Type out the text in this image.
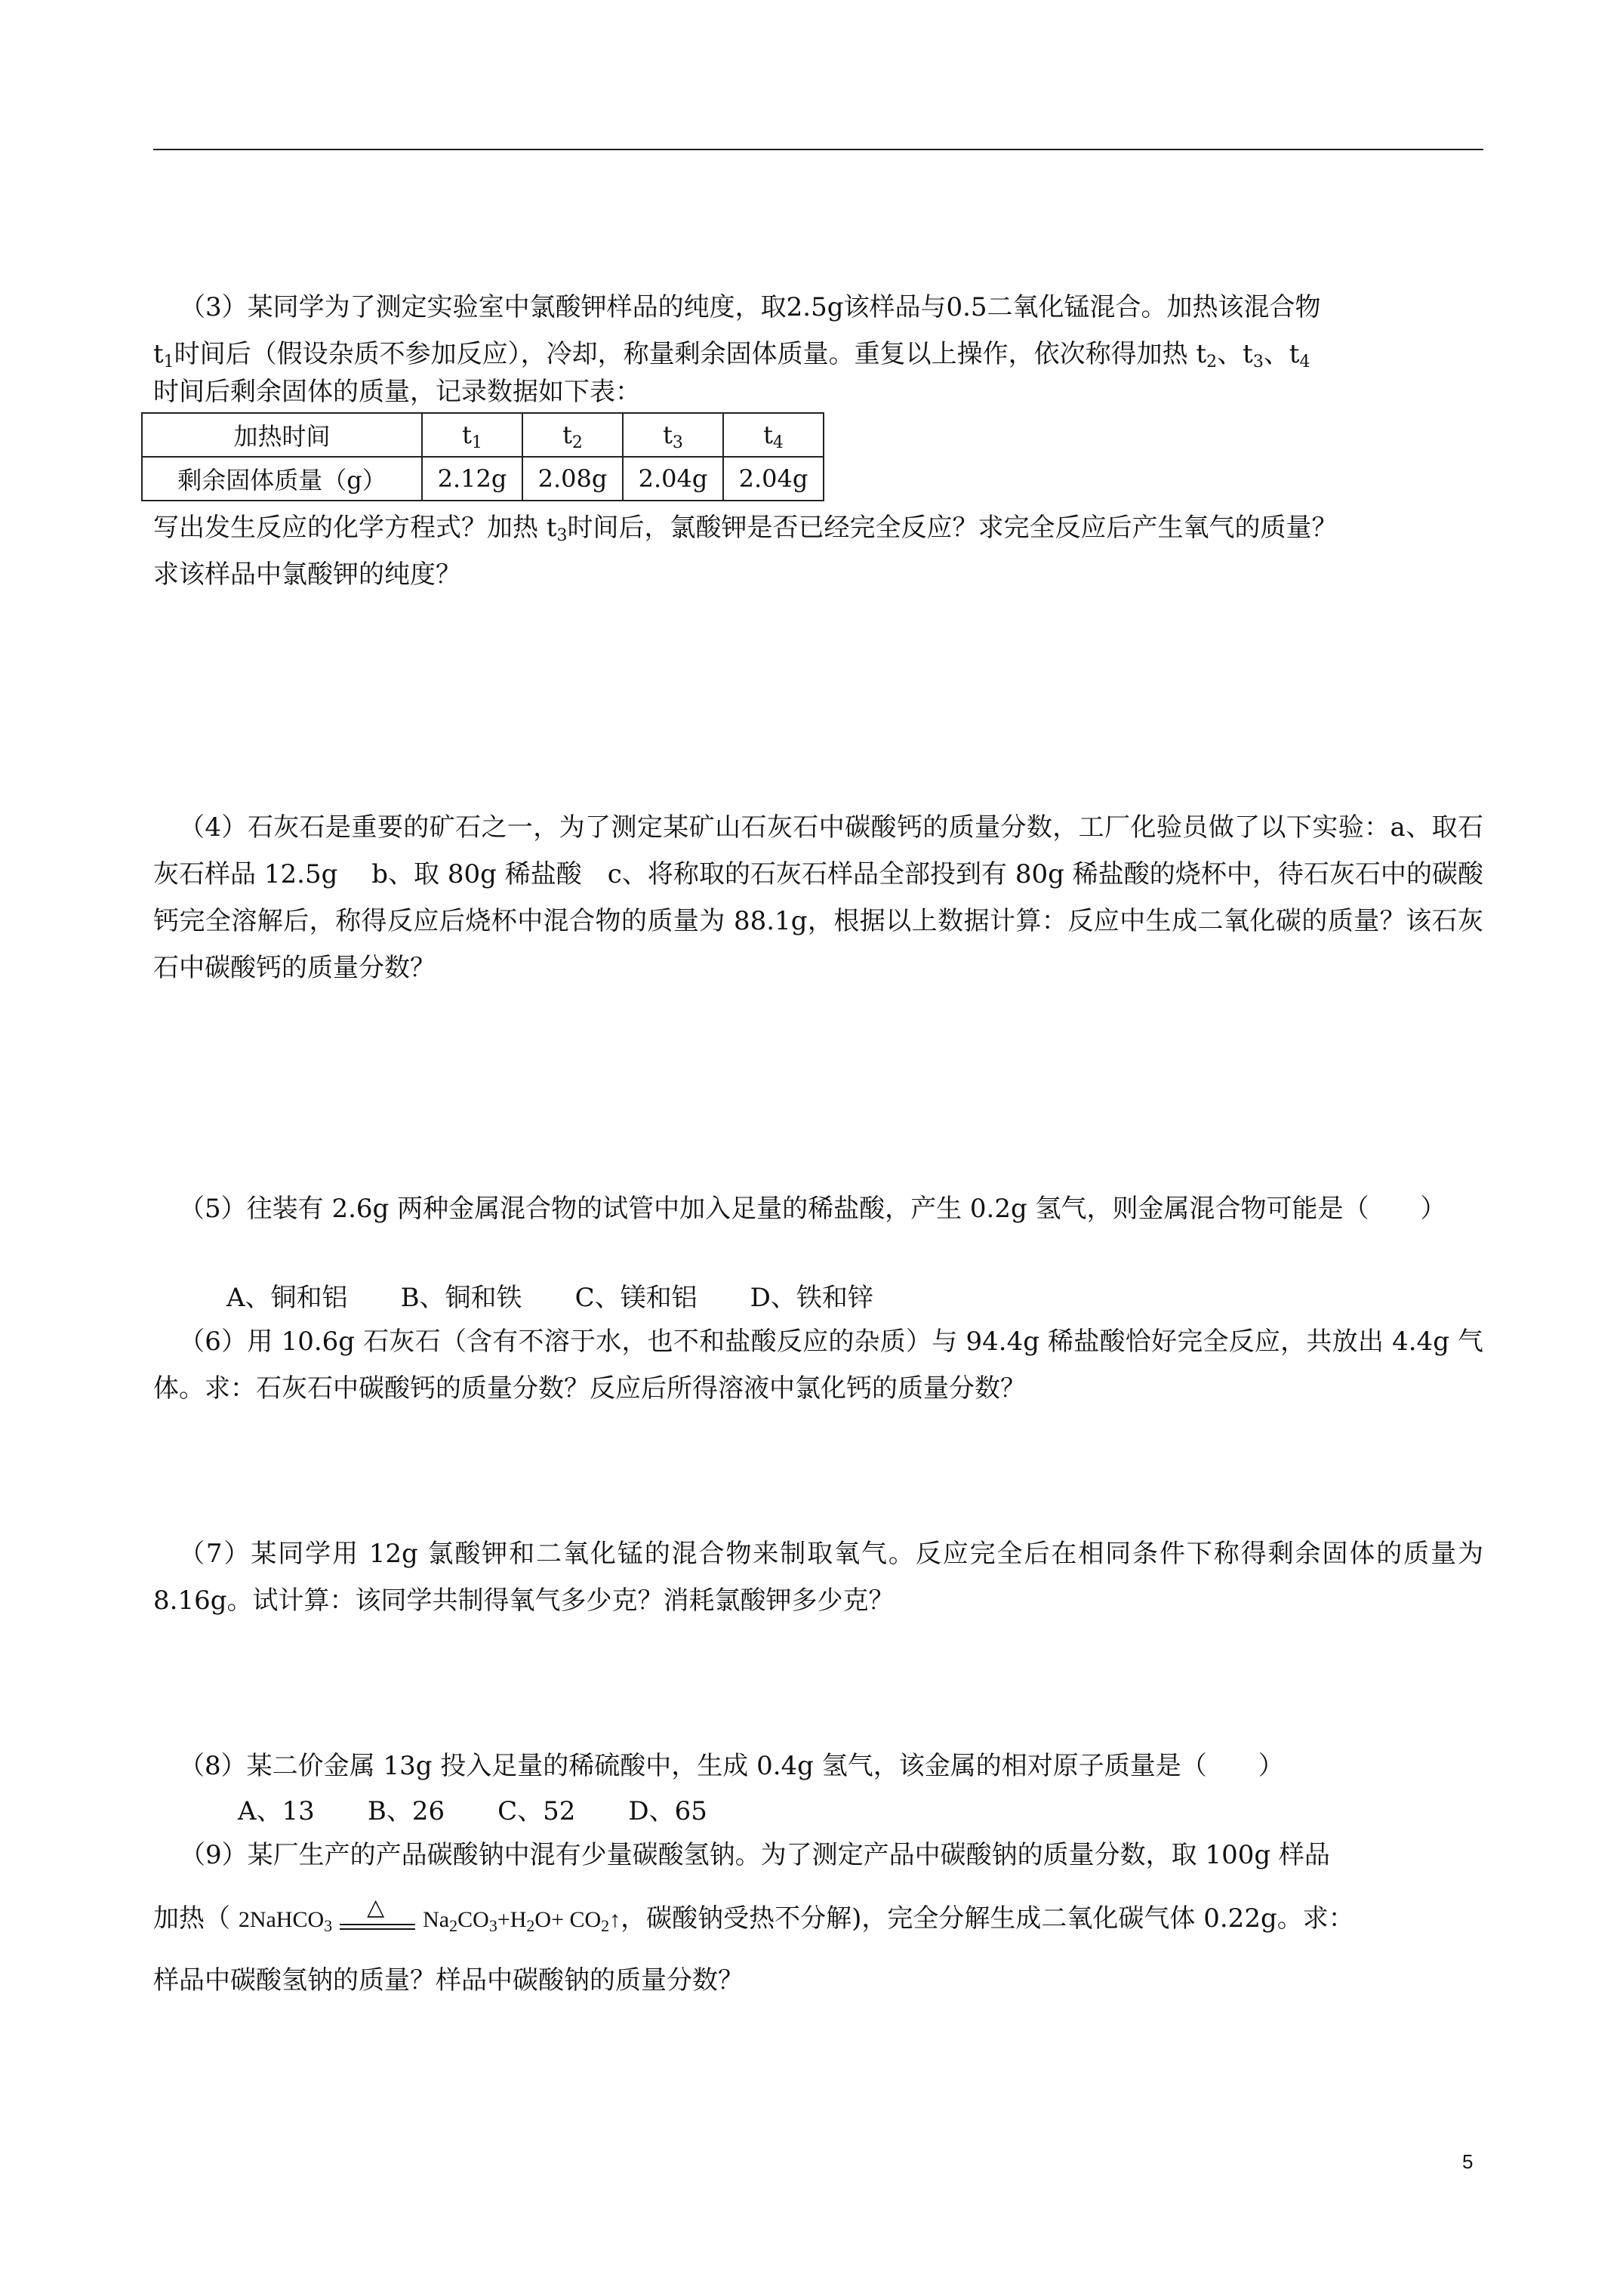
（3）某同学为了测定实验室中氯酸钾样品的纯度，取2.5g该样品与0.5二氧化锰混合。加热该混合物

$t_1$时间后（假设杂质不参加反应），冷却，称量剩余固体质量。重复以上操作，依次称得加热 $t_2$、$t_3$、$t_4$

时间后剩余固体的质量，记录数据如下表：

加热时间	$t_1$	$t_2$	$t_3$	$t_4$
剩余固体质量（g）	2.12g	2.08g	2.04g	2.04g

写出发生反应的化学方程式？加热 $t_3$时间后，氯酸钾是否已经完全反应？求完全反应后产生氧气的质量？

求该样品中氯酸钾的纯度？

（4）石灰石是重要的矿石之一，为了测定某矿山石灰石中碳酸钙的质量分数，工厂化验员做了以下实验：a、取石灰石样品 12.5g　 b、取 80g 稀盐酸　c、将称取的石灰石样品全部投到有 80g 稀盐酸的烧杯中，待石灰石中的碳酸钙完全溶解后，称得反应后烧杯中混合物的质量为 88.1g，根据以上数据计算：反应中生成二氧化碳的质量？该石灰石中碳酸钙的质量分数？

（5）往装有 2.6g 两种金属混合物的试管中加入足量的稀盐酸，产生 0.2g 氢气，则金属混合物可能是（　　）

A、铜和铝 B、铜和铁 C、镁和铝 D、铁和锌

（6）用 10.6g 石灰石（含有不溶于水，也不和盐酸反应的杂质）与 94.4g 稀盐酸恰好完全反应，共放出 4.4g 气体。求：石灰石中碳酸钙的质量分数？反应后所得溶液中氯化钙的质量分数？

（7）某同学用 12g 氯酸钾和二氧化锰的混合物来制取氧气。反应完全后在相同条件下称得剩余固体的质量为 8.16g。试计算：该同学共制得氧气多少克？消耗氯酸钾多少克？

（8）某二价金属 13g 投入足量的稀硫酸中，生成 0.4g 氢气，该金属的相对原子质量是（　　）

A、13 B、26 C、52 D、65

（9）某厂生产的产品碳酸钠中混有少量碳酸氢钠。为了测定产品中碳酸钠的质量分数，取 100g 样品

加热（ 2NaHCO$_3$
△ $Na_2CO_3+H_2O+$ $CO_2↑$，碳酸钠受热不分解)，完全分解生成二氧化碳气体 0.22g。求：

样品中碳酸氢钠的质量？样品中碳酸钠的质量分数？

5
